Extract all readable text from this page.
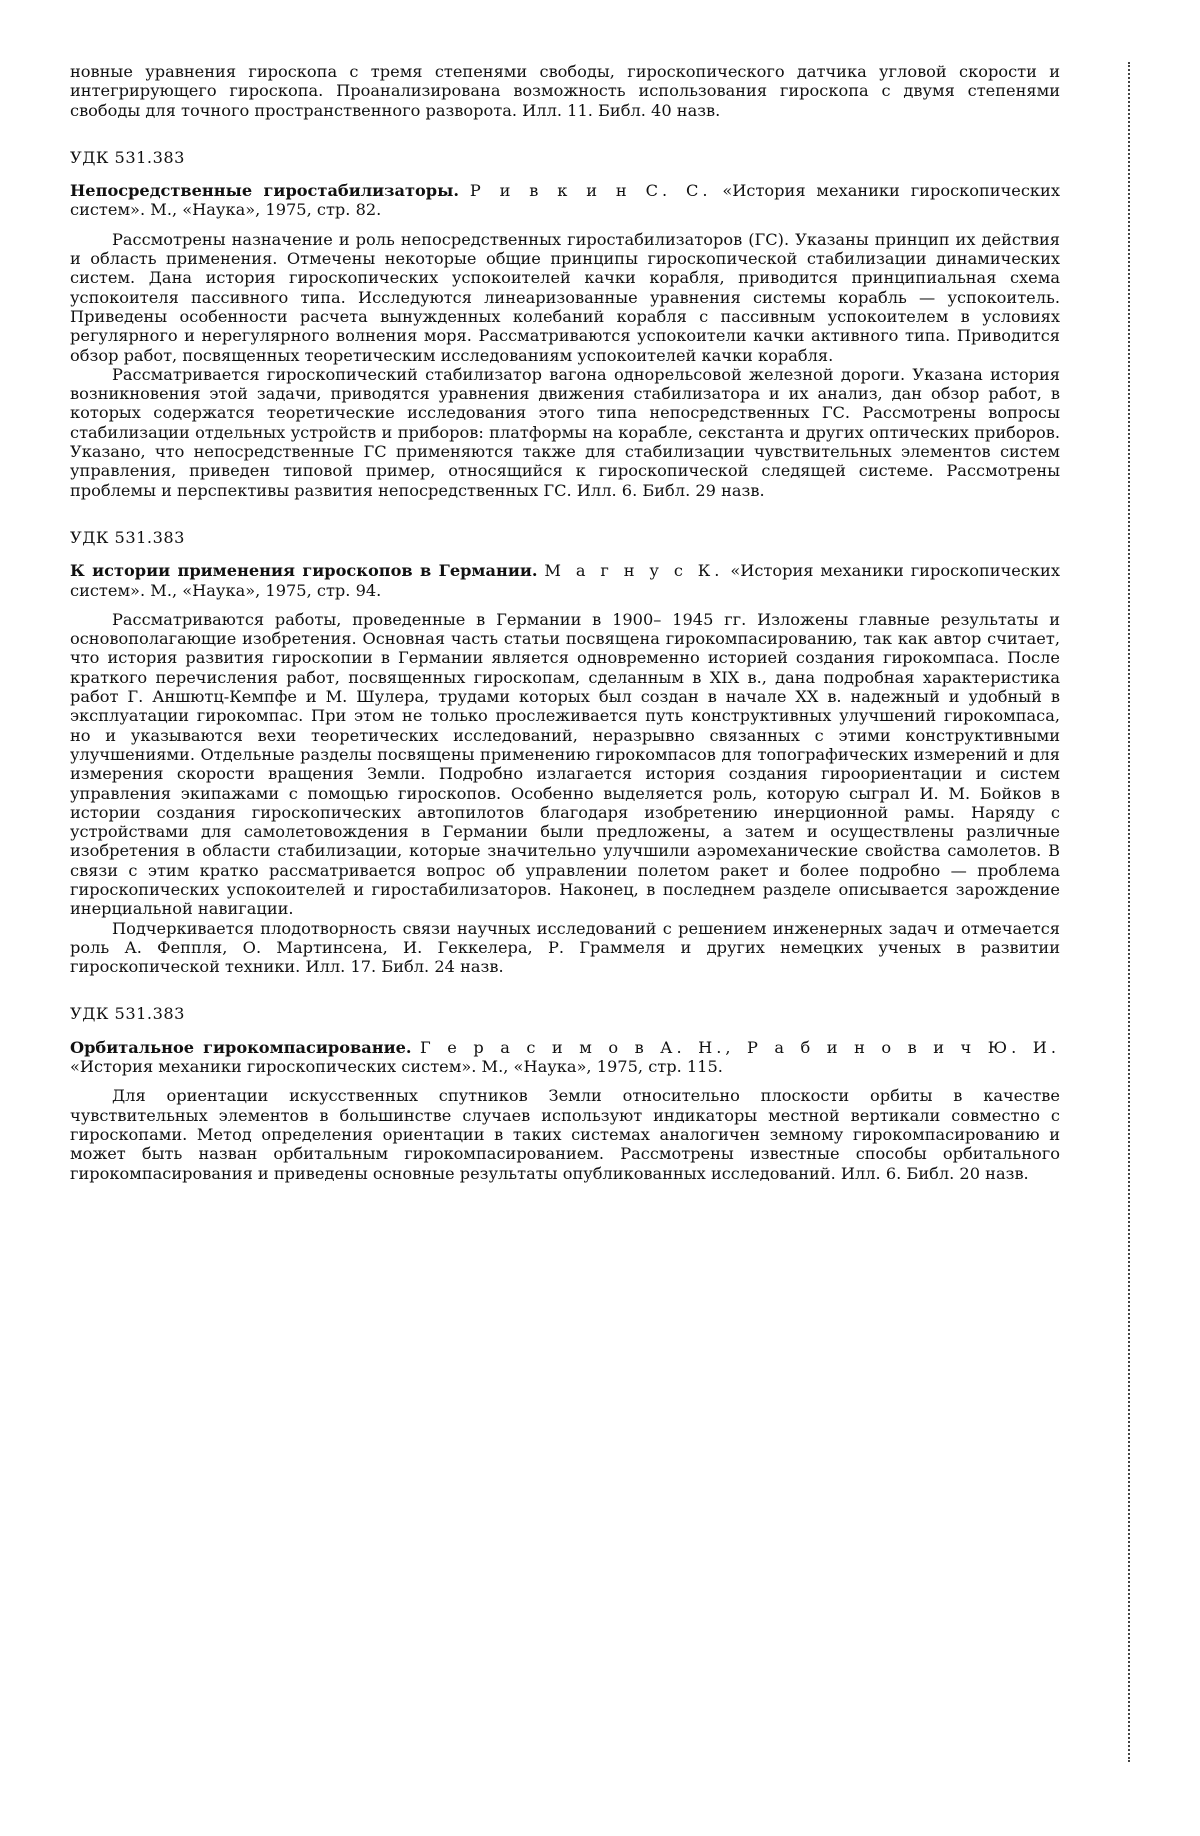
новные уравнения гироскопа с тремя степенями свободы, гироскопического датчика угловой скорости и интегрирующего гироскопа. Проанализирована возможность использования гироскопа с двумя степенями свободы для точного пространственного разворота. Илл. 11. Библ. 40 назв.

УДК 531.383

Непосредственные гиростабилизаторы. Р и в к и н С. С. «История механики гироскопических систем». М., «Наука», 1975, стр. 82.

Рассмотрены назначение и роль непосредственных гиростабилизаторов (ГС). Указаны принцип их действия и область применения. Отмечены некоторые общие принципы гироскопической стабилизации динамических систем. Дана история гироскопических успокоителей качки корабля, приводится принципиальная схема успокоителя пассивного типа. Исследуются линеаризованные уравнения системы корабль — успокоитель. Приведены особенности расчета вынужденных колебаний корабля с пассивным успокоителем в условиях регулярного и нерегулярного волнения моря. Рассматриваются успокоители качки активного типа. Приводится обзор работ, посвященных теоретическим исследованиям успокоителей качки корабля.

Рассматривается гироскопический стабилизатор вагона однорельсовой железной дороги. Указана история возникновения этой задачи, приводятся уравнения движения стабилизатора и их анализ, дан обзор работ, в которых содержатся теоретические исследования этого типа непосредственных ГС. Рассмотрены вопросы стабилизации отдельных устройств и приборов: платформы на корабле, секстанта и других оптических приборов. Указано, что непосредственные ГС применяются также для стабилизации чувствительных элементов систем управления, приведен типовой пример, относящийся к гироскопической следящей системе. Рассмотрены проблемы и перспективы развития непосредственных ГС. Илл. 6. Библ. 29 назв.

УДК 531.383

К истории применения гироскопов в Германии. М а г н у с К. «История механики гироскопических систем». М., «Наука», 1975, стр. 94.

Рассматриваются работы, проведенные в Германии в 1900– 1945 гг. Изложены главные результаты и основополагающие изобретения. Основная часть статьи посвящена гирокомпасированию, так как автор считает, что история развития гироскопии в Германии является одновременно историей создания гирокомпаса. После краткого перечисления работ, посвященных гироскопам, сделанным в XIX в., дана подробная характеристика работ Г. Аншютц-Кемпфе и М. Шулера, трудами которых был создан в начале XX в. надежный и удобный в эксплуатации гирокомпас. При этом не только прослеживается путь конструктивных улучшений гирокомпаса, но и указываются вехи теоретических исследований, неразрывно связанных с этими конструктивными улучшениями. Отдельные разделы посвящены применению гирокомпасов для топографических измерений и для измерения скорости вращения Земли. Подробно излагается история создания гироориентации и систем управления экипажами с помощью гироскопов. Особенно выделяется роль, которую сыграл И. М. Бойков в истории создания гироскопических автопилотов благодаря изобретению инерционной рамы. Наряду с устройствами для самолетовождения в Германии были предложены, а затем и осуществлены различные изобретения в области стабилизации, которые значительно улучшили аэромеханические свойства самолетов. В связи с этим кратко рассматривается вопрос об управлении полетом ракет и более подробно — проблема гироскопических успокоителей и гиростабилизаторов. Наконец, в последнем разделе описывается зарождение инерциальной навигации.

Подчеркивается плодотворность связи научных исследований с решением инженерных задач и отмечается роль А. Феппля, О. Мартинсена, И. Геккелера, Р. Граммеля и других немецких ученых в развитии гироскопической техники. Илл. 17. Библ. 24 назв.

УДК 531.383

Орбитальное гирокомпасирование. Г е р а с и м о в А. Н., Р а б и н о в и ч Ю. И. «История механики гироскопических систем». М., «Наука», 1975, стр. 115.

Для ориентации искусственных спутников Земли относительно плоскости орбиты в качестве чувствительных элементов в большинстве случаев используют индикаторы местной вертикали совместно с гироскопами. Метод определения ориентации в таких системах аналогичен земному гирокомпасированию и может быть назван орбитальным гирокомпасированием. Рассмотрены известные способы орбитального гирокомпасирования и приведены основные результаты опубликованных исследований. Илл. 6. Библ. 20 назв.
